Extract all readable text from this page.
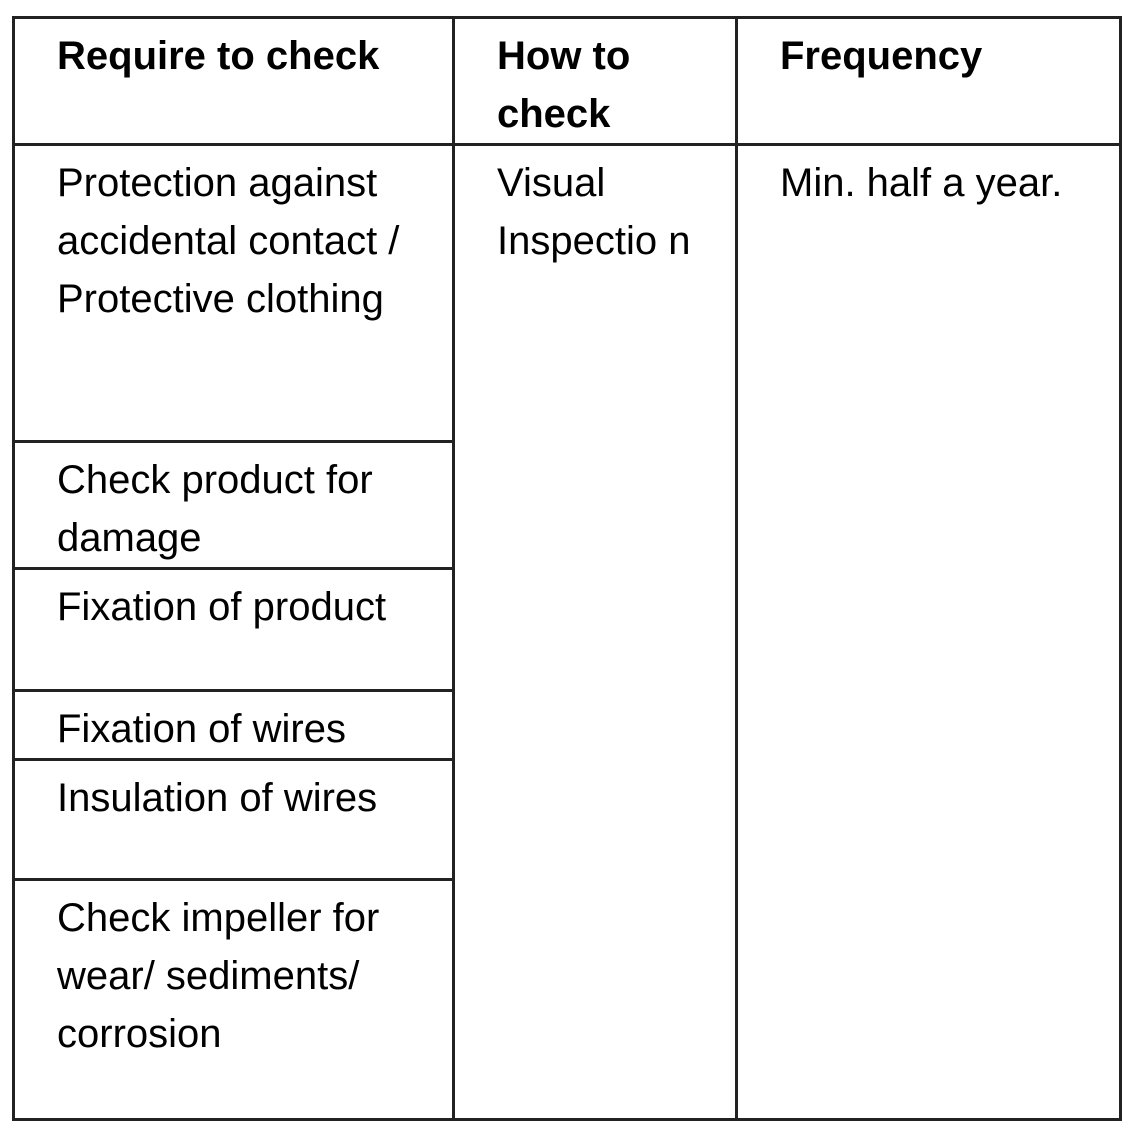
Require to check	How to check	Frequency
Protection against accidental contact / Protective clothing	Visual Inspectio n	Min. half a year.
Check product for damage		
Fixation of product		
Fixation of wires		
Insulation of wires		
Check impeller for wear/ sediments/ corrosion		
